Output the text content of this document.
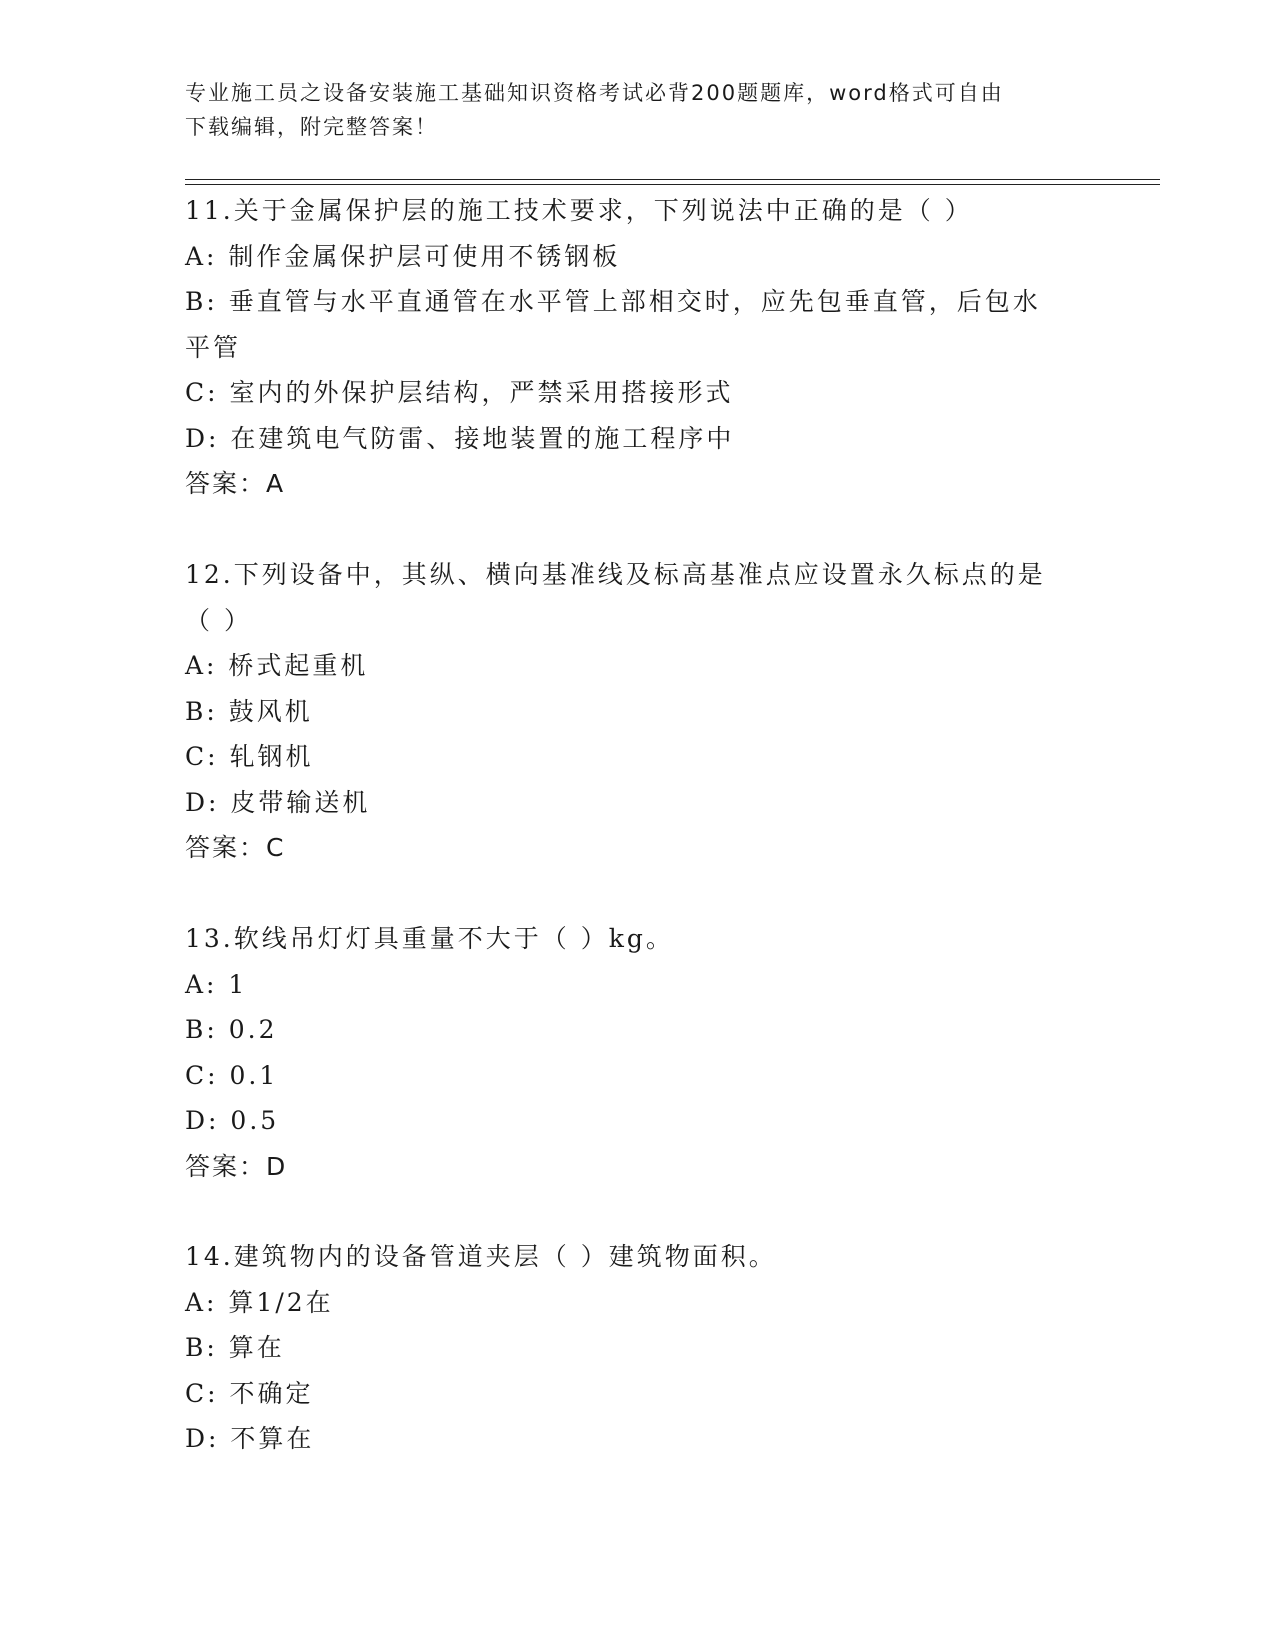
专业施工员之设备安装施工基础知识资格考试必背200题题库，word格式可自由
下载编辑，附完整答案！
11.关于金属保护层的施工技术要求，下列说法中正确的是（ ）
A: 制作金属保护层可使用不锈钢板
B: 垂直管与水平直通管在水平管上部相交时，应先包垂直管，后包水
平管
C: 室内的外保护层结构，严禁采用搭接形式
D: 在建筑电气防雷、接地装置的施工程序中
答案：A
12.下列设备中，其纵、横向基准线及标高基准点应设置永久标点的是
（ ）
A: 桥式起重机
B: 鼓风机
C: 轧钢机
D: 皮带输送机
答案：C
13.软线吊灯灯具重量不大于（ ）kg。
A: 1
B: 0.2
C: 0.1
D: 0.5
答案：D
14.建筑物内的设备管道夹层（ ）建筑物面积。
A: 算1/2在
B: 算在
C: 不确定
D: 不算在
